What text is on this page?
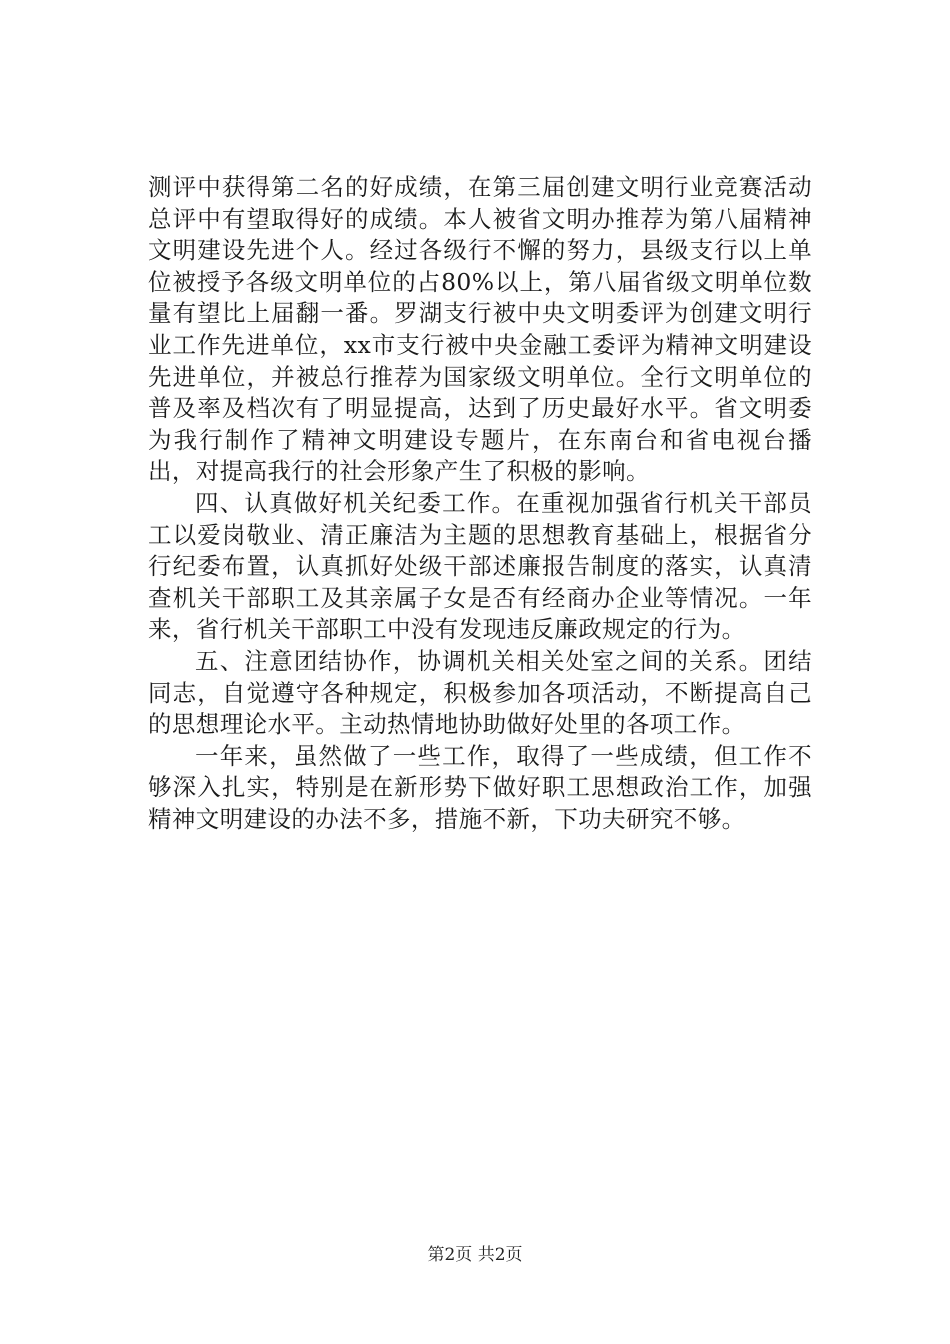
测评中获得第二名的好成绩，在第三届创建文明行业竞赛活动总评中有望取得好的成绩。本人被省文明办推荐为第八届精神文明建设先进个人。经过各级行不懈的努力，县级支行以上单位被授予各级文明单位的占80%以上，第八届省级文明单位数量有望比上届翻一番。罗湖支行被中央文明委评为创建文明行业工作先进单位，xx市支行被中央金融工委评为精神文明建设先进单位，并被总行推荐为国家级文明单位。全行文明单位的普及率及档次有了明显提高，达到了历史最好水平。省文明委为我行制作了精神文明建设专题片，在东南台和省电视台播出，对提高我行的社会形象产生了积极的影响。

四、认真做好机关纪委工作。在重视加强省行机关干部员工以爱岗敬业、清正廉洁为主题的思想教育基础上，根据省分行纪委布置，认真抓好处级干部述廉报告制度的落实，认真清查机关干部职工及其亲属子女是否有经商办企业等情况。一年来，省行机关干部职工中没有发现违反廉政规定的行为。

五、注意团结协作，协调机关相关处室之间的关系。团结同志，自觉遵守各种规定，积极参加各项活动，不断提高自己的思想理论水平。主动热情地协助做好处里的各项工作。

一年来，虽然做了一些工作，取得了一些成绩，但工作不够深入扎实，特别是在新形势下做好职工思想政治工作，加强精神文明建设的办法不多，措施不新，下功夫研究不够。

第2页 共2页
